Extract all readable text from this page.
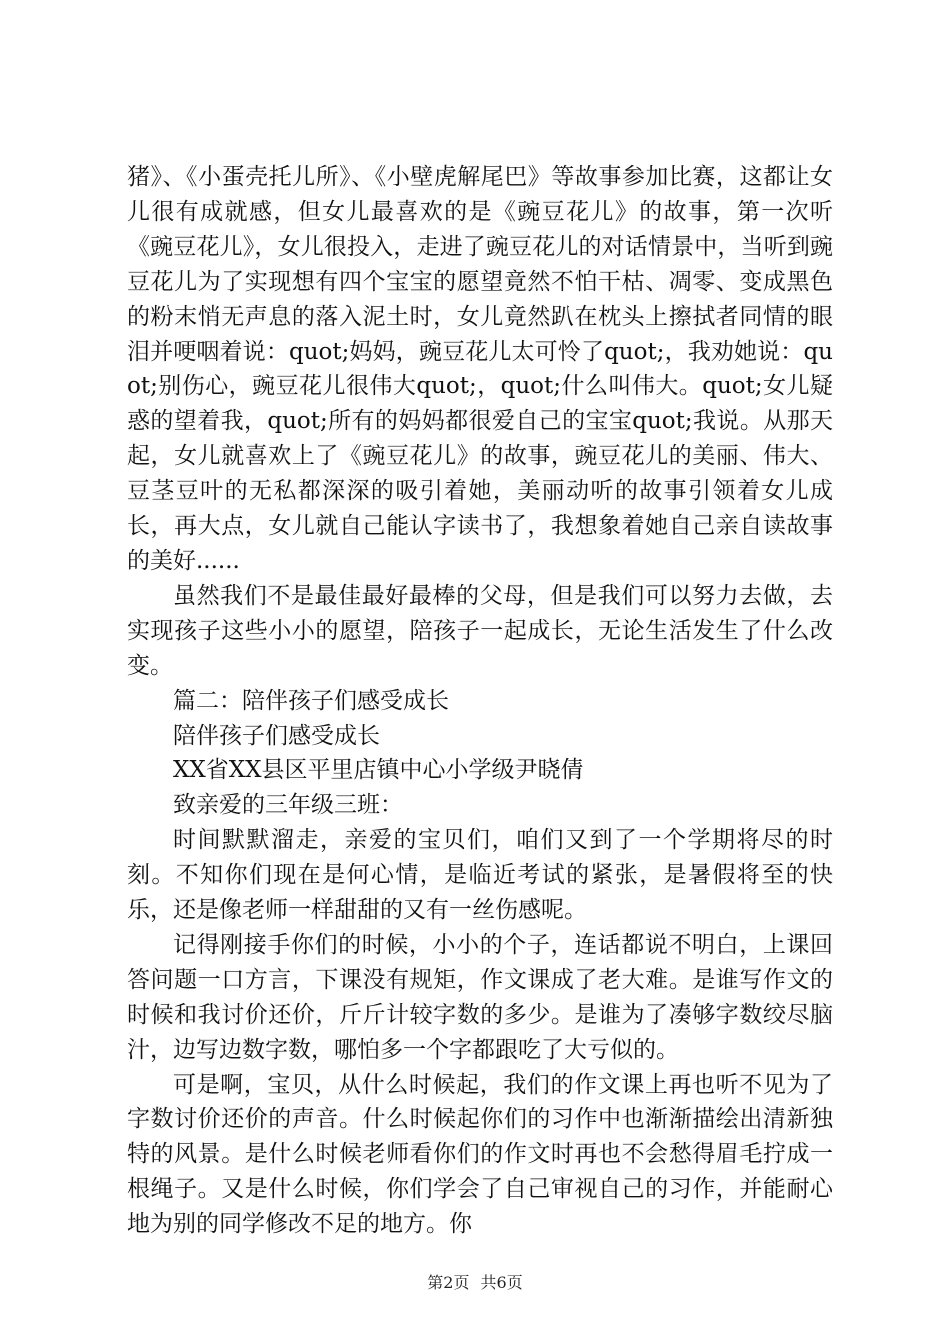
猪》、《小蛋壳托儿所》、《小壁虎解尾巴》等故事参加比赛，这都让女儿很有成就感，但女儿最喜欢的是《豌豆花儿》的故事，第一次听《豌豆花儿》，女儿很投入，走进了豌豆花儿的对话情景中，当听到豌豆花儿为了实现想有四个宝宝的愿望竟然不怕干枯、凋零、变成黑色的粉末悄无声息的落入泥土时，女儿竟然趴在枕头上擦拭者同情的眼泪并哽咽着说：quot;妈妈，豌豆花儿太可怜了quot;，我劝她说：quot;别伤心，豌豆花儿很伟大quot;，quot;什么叫伟大。quot;女儿疑惑的望着我，quot;所有的妈妈都很爱自己的宝宝quot;我说。从那天起，女儿就喜欢上了《豌豆花儿》的故事，豌豆花儿的美丽、伟大、豆茎豆叶的无私都深深的吸引着她，美丽动听的故事引领着女儿成长，再大点，女儿就自己能认字读书了，我想象着她自己亲自读故事的美好......

虽然我们不是最佳最好最棒的父母，但是我们可以努力去做，去实现孩子这些小小的愿望，陪孩子一起成长，无论生活发生了什么改变。

篇二：陪伴孩子们感受成长

陪伴孩子们感受成长

XX省XX县区平里店镇中心小学级尹晓倩

致亲爱的三年级三班：

时间默默溜走，亲爱的宝贝们，咱们又到了一个学期将尽的时刻。不知你们现在是何心情，是临近考试的紧张，是暑假将至的快乐，还是像老师一样甜甜的又有一丝伤感呢。

记得刚接手你们的时候，小小的个子，连话都说不明白，上课回答问题一口方言，下课没有规矩，作文课成了老大难。是谁写作文的时候和我讨价还价，斤斤计较字数的多少。是谁为了凑够字数绞尽脑汁，边写边数字数，哪怕多一个字都跟吃了大亏似的。

可是啊，宝贝，从什么时候起，我们的作文课上再也听不见为了字数讨价还价的声音。什么时候起你们的习作中也渐渐描绘出清新独特的风景。是什么时候老师看你们的作文时再也不会愁得眉毛拧成一根绳子。又是什么时候，你们学会了自己审视自己的习作，并能耐心地为别的同学修改不足的地方。你

第2页 共6页
